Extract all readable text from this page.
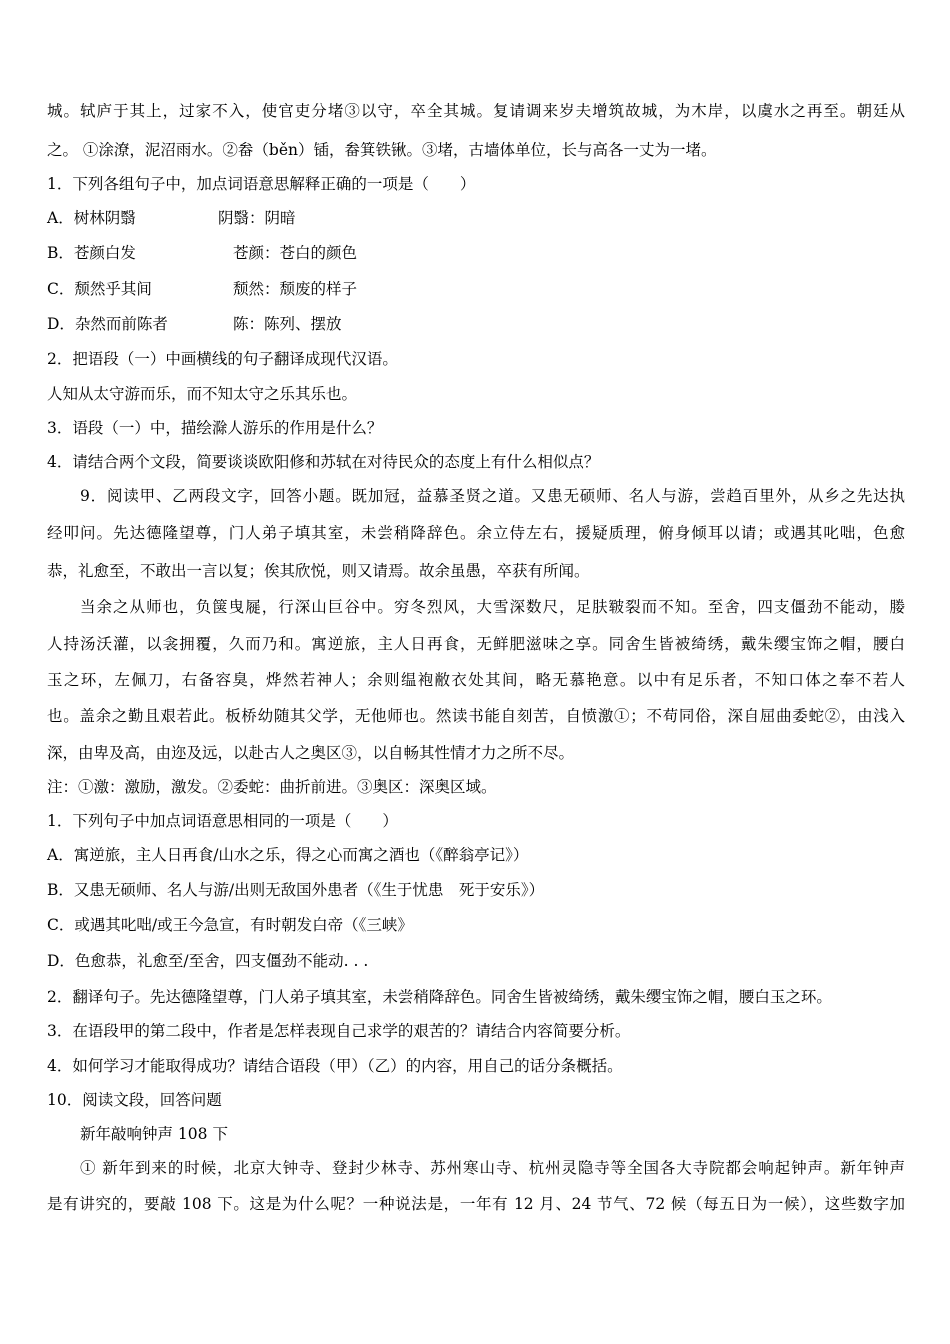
城。轼庐于其上，过家不入，使官吏分堵③以守，卒全其城。复请调来岁夫增筑故城，为木岸，以虞水之再至。朝廷从
之。 ①涂潦，泥沼雨水。②畚（běn）锸，畚箕铁锹。③堵，古墙体单位，长与高各一丈为一堵。
1．下列各组句子中，加点词语意思解释正确的一项是（　　）
A．树林阴翳	阴翳：阴暗
B．苍颜白发	苍颜：苍白的颜色
C．颓然乎其间	颓然：颓废的样子
D．杂然而前陈者	陈：陈列、摆放
2．把语段（一）中画横线的句子翻译成现代汉语。
人知从太守游而乐，而不知太守之乐其乐也。
3．语段（一）中，描绘滁人游乐的作用是什么？
4．请结合两个文段，简要谈谈欧阳修和苏轼在对待民众的态度上有什么相似点？
9．阅读甲、乙两段文字，回答小题。既加冠，益慕圣贤之道。又患无硕师、名人与游，尝趋百里外，从乡之先达执
经叩问。先达德隆望尊，门人弟子填其室，未尝稍降辞色。余立侍左右，援疑质理，俯身倾耳以请；或遇其叱咄，色愈
恭，礼愈至，不敢出一言以复；俟其欣悦，则又请焉。故余虽愚，卒获有所闻。
当余之从师也，负箧曳屣，行深山巨谷中。穷冬烈风，大雪深数尺，足肤皲裂而不知。至舍，四支僵劲不能动，媵
人持汤沃灌，以衾拥覆，久而乃和。寓逆旅，主人日再食，无鲜肥滋味之享。同舍生皆被绮绣，戴朱缨宝饰之帽，腰白
玉之环，左佩刀，右备容臭，烨然若神人；余则缊袍敝衣处其间，略无慕艳意。以中有足乐者，不知口体之奉不若人
也。盖余之勤且艰若此。板桥幼随其父学，无他师也。然读书能自刻苦，自愤激①；不苟同俗，深自屈曲委蛇②，由浅入
深，由卑及高，由迩及远，以赴古人之奥区③，以自畅其性情才力之所不尽。
注：①激：激励，激发。②委蛇：曲折前进。③奥区：深奥区域。
1．下列句子中加点词语意思相同的一项是（　　）
A．寓逆旅，主人日再食/山水之乐，得之心而寓之酒也（《醉翁亭记》）
B．又患无硕师、名人与游/出则无敌国外患者（《生于忧患　死于安乐》）
C．或遇其叱咄/或王今急宣，有时朝发白帝（《三峡》
D．色愈恭，礼愈至/至舍，四支僵劲不能动. . .
2．翻译句子。先达德隆望尊，门人弟子填其室，未尝稍降辞色。同舍生皆被绮绣，戴朱缨宝饰之帽，腰白玉之环。
3．在语段甲的第二段中，作者是怎样表现自己求学的艰苦的？请结合内容简要分析。
4．如何学习才能取得成功？请结合语段（甲）（乙）的内容，用自己的话分条概括。
10．阅读文段，回答问题
新年敲响钟声 108 下
① 新年到来的时候，北京大钟寺、登封少林寺、苏州寒山寺、杭州灵隐寺等全国各大寺院都会响起钟声。新年钟声
是有讲究的，要敲 108 下。这是为什么呢？一种说法是，一年有 12 月、24 节气、72 候（每五日为一候），这些数字加
